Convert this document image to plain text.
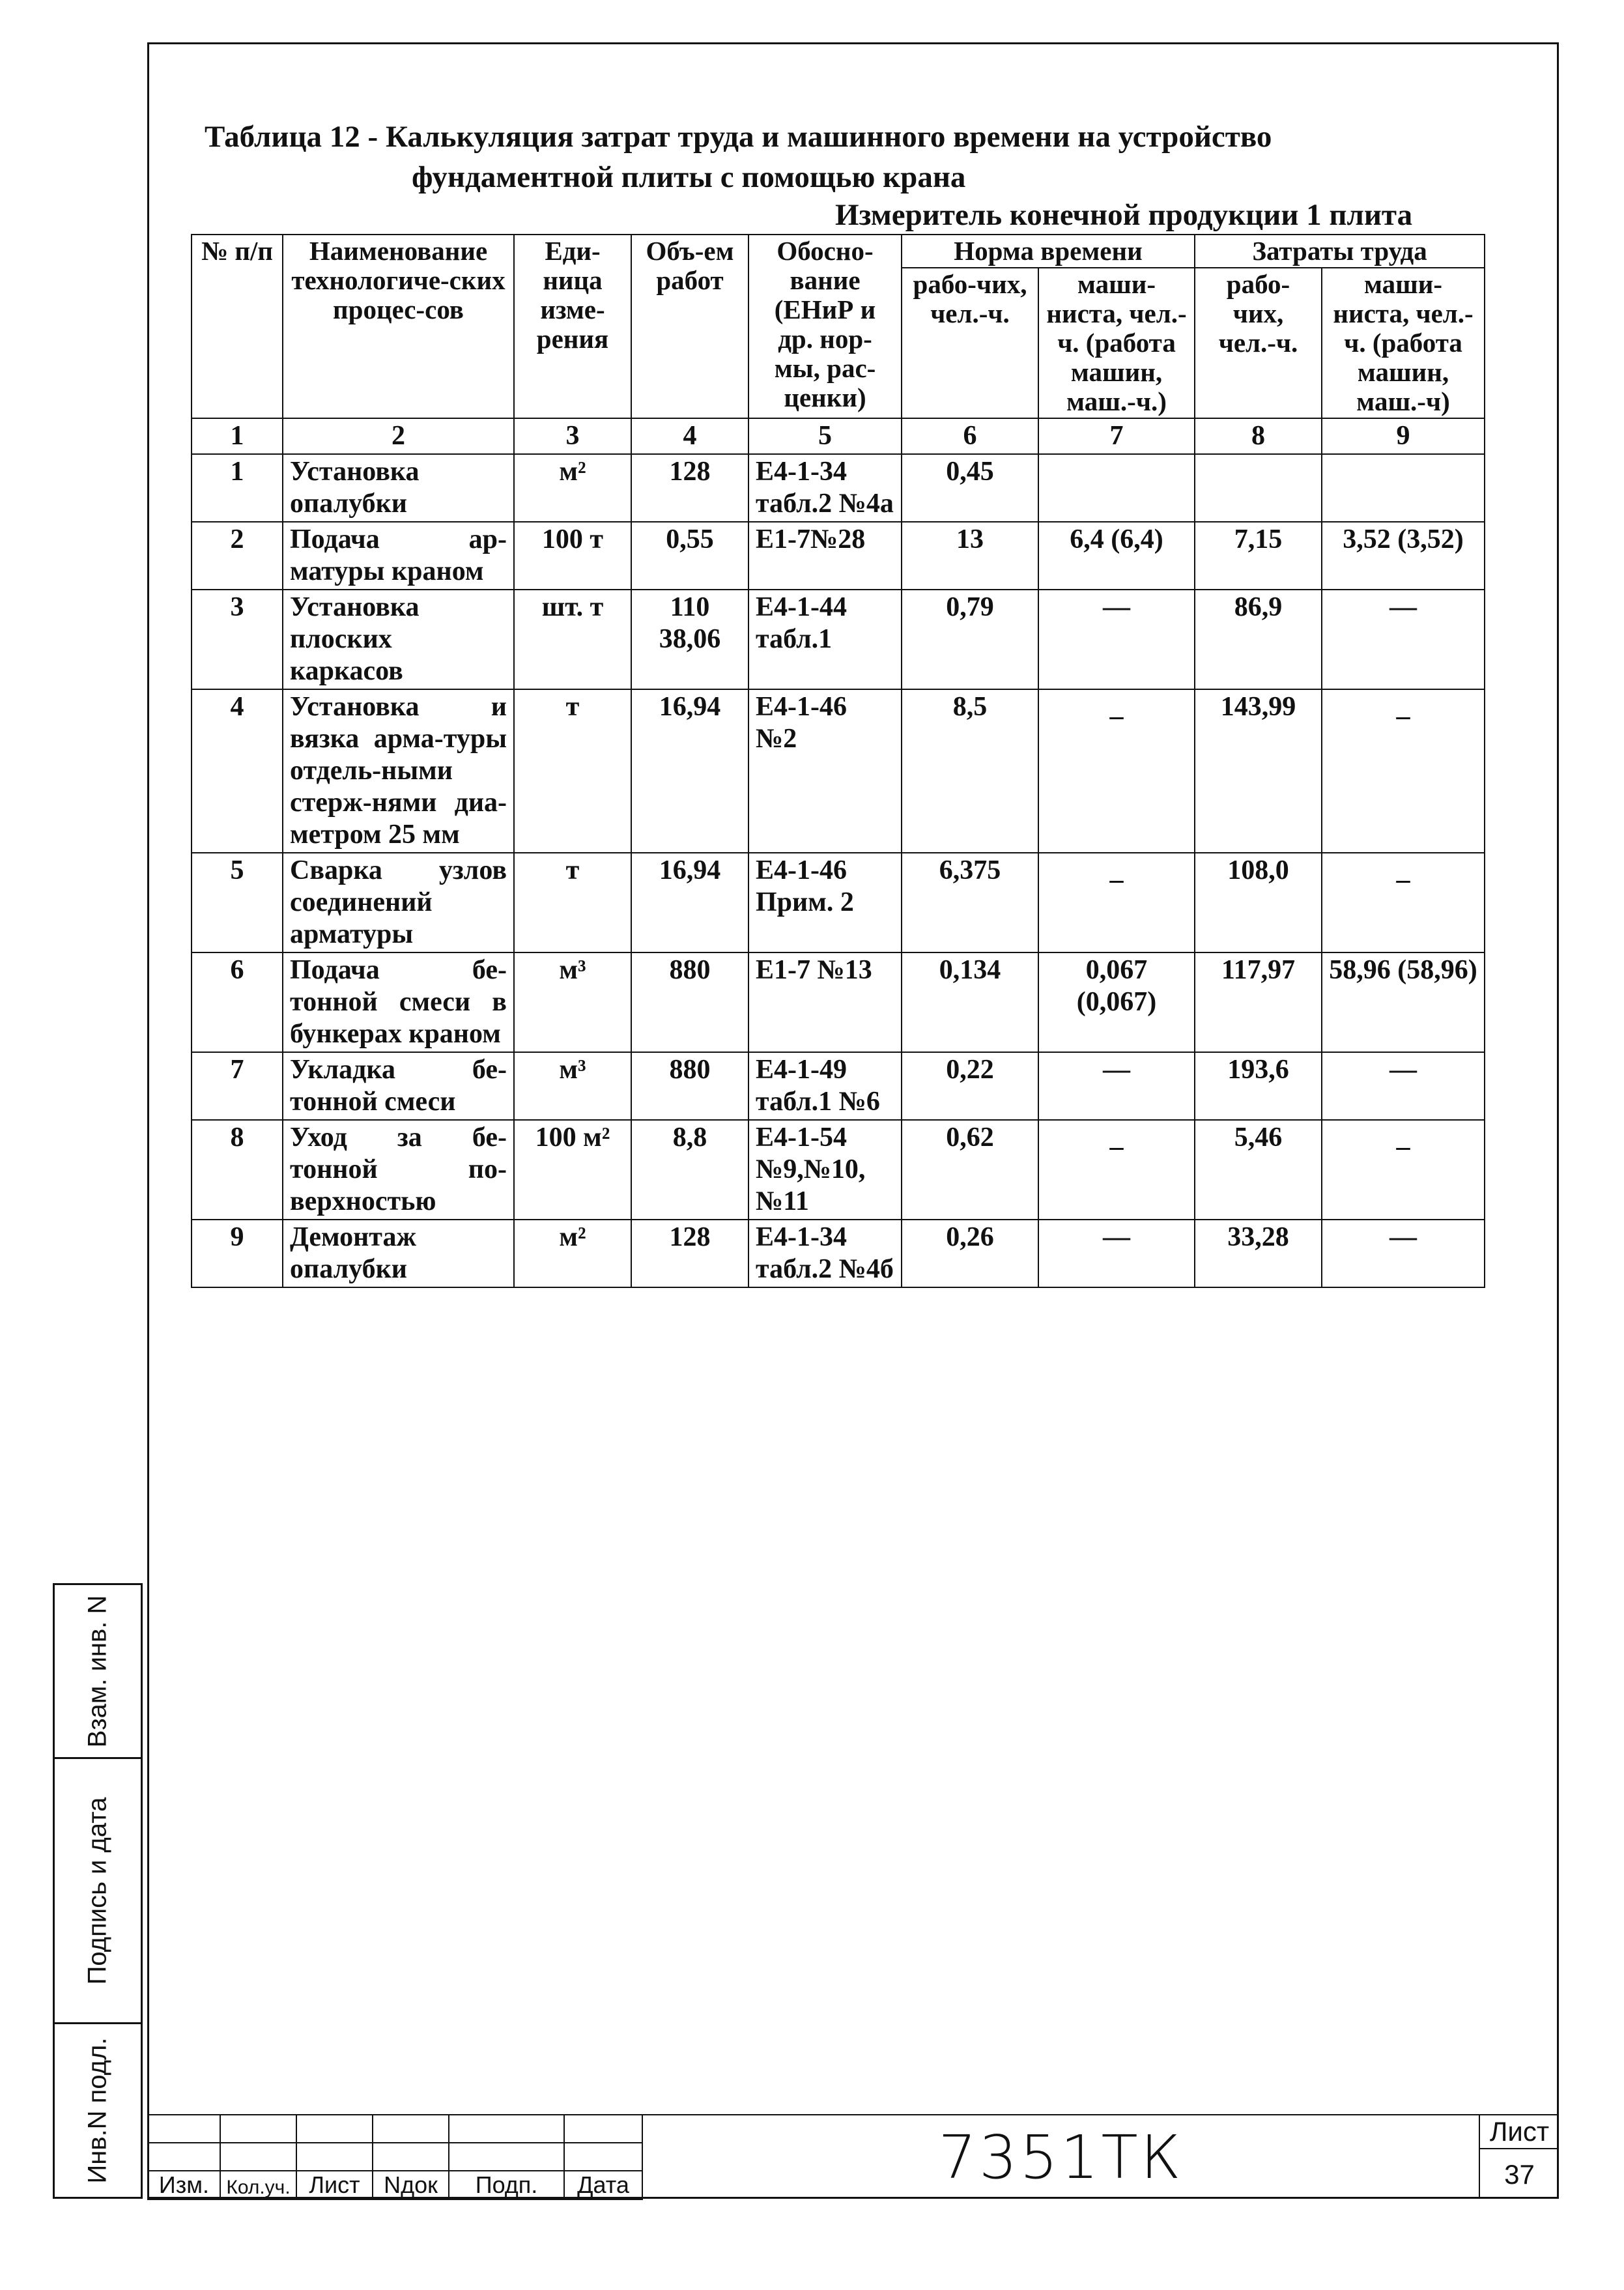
Таблица 12 - Калькуляция затрат труда и машинного времени на устройство
фундаментной плиты с помощью крана
Измеритель конечной продукции 1 плита
№ п/п	Наименование технологиче-ских процес-сов	Еди-ница изме-рения	Объ-ем работ	Обосно-вание (ЕНиР и др. нор-мы, рас-ценки)	Норма времени		Затраты труда	
					рабо-чих, чел.-ч.	маши-ниста, чел.-ч. (работа машин, маш.-ч.)	рабо-чих, чел.-ч.	маши-ниста, чел.-ч. (работа машин, маш.-ч)
1	2	3	4	5	6	7	8	9
1	Установка опалубки	м²	128	Е4-1-34 табл.2 №4а	0,45			
2	Подача ар-матуры краном	100 т	0,55	Е1-7№28	13	6,4 (6,4)	7,15	3,52 (3,52)
3	Установка плоских каркасов	шт. т	110 38,06	Е4-1-44 табл.1	0,79	—	86,9	—
4	Установка и вязка арма-туры отдель-ными стерж-нями диа-метром 25 мм	т	16,94	Е4-1-46 №2	8,5	_	143,99	_
5	Сварка узлов соединений арматуры	т	16,94	Е4-1-46 Прим. 2	6,375	_	108,0	_
6	Подача бе-тонной смеси в бункерах краном	м³	880	Е1-7 №13	0,134	0,067 (0,067)	117,97	58,96 (58,96)
7	Укладка бе-тонной смеси	м³	880	Е4-1-49 табл.1 №6	0,22	—	193,6	—
8	Уход за бе-тонной по-верхностью	100 м²	8,8	Е4-1-54 №9,№10, №11	0,62	_	5,46	_
9	Демонтаж опалубки	м²	128	Е4-1-34 табл.2 №4б	0,26	—	33,28	—
Взам. инв. N
Подпись и дата
Инв.N подл.

Изм.	Кол.уч.	Лист	Nдок	Подп.	Дата	7351ТК	Лист
37
